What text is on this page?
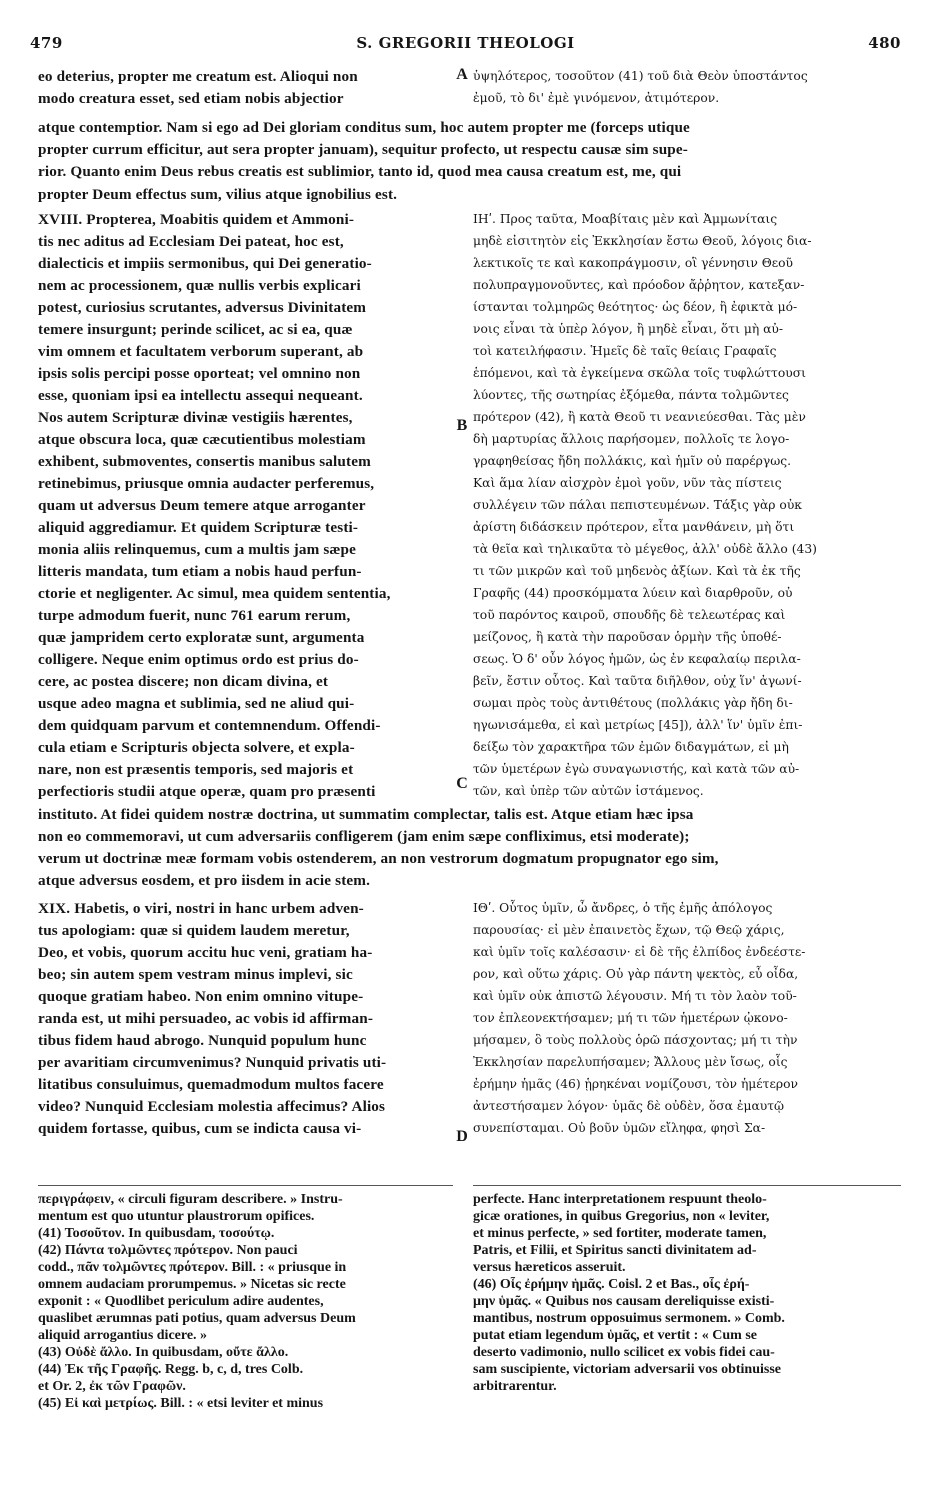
479	S. GREGORII THEOLOGI	480
A
B
C
D
eo deterius, propter me creatum est. Alioqui non
modo creatura esset, sed etiam nobis abjectior
atque contemptior. Nam si ego ad Dei gloriam conditus sum, hoc autem propter me (forceps utique
propter currum efficitur, aut sera propter januam), sequitur profecto, ut respectu causæ sim supe-
rior. Quanto enim Deus rebus creatis est sublimior, tanto id, quod mea causa creatum est, me, qui
propter Deum effectus sum, vilius atque ignobilius est.
XVIII. Propterea, Moabitis quidem et Ammoni-
tis nec aditus ad Ecclesiam Dei pateat, hoc est,
dialecticis et impiis sermonibus, qui Dei generatio-
nem ac processionem, quæ nullis verbis explicari
potest, curiosius scrutantes, adversus Divinitatem
temere insurgunt; perinde scilicet, ac si ea, quæ
vim omnem et facultatem verborum superant, ab
ipsis solis percipi posse oporteat; vel omnino non
esse, quoniam ipsi ea intellectu assequi nequeant.
Nos autem Scripturæ divinæ vestigiis hærentes,
atque obscura loca, quæ cæcutientibus molestiam
exhibent, submoventes, consertis manibus salutem
retinebimus, priusque omnia audacter perferemus,
quam ut adversus Deum temere atque arroganter
aliquid aggrediamur. Et quidem Scripturæ testi-
monia aliis relinquemus, cum a multis jam sæpe
litteris mandata, tum etiam a nobis haud perfun-
ctorie et negligenter. Ac simul, mea quidem sententia,
turpe admodum fuerit, nunc 761 earum rerum,
quæ jampridem certo exploratæ sunt, argumenta
colligere. Neque enim optimus ordo est prius do-
cere, ac postea discere; non dicam divina, et
usque adeo magna et sublimia, sed ne aliud qui-
dem quidquam parvum et contemnendum. Offendi-
cula etiam e Scripturis objecta solvere, et expla-
nare, non est præsentis temporis, sed majoris et
perfectioris studii atque operæ, quam pro præsenti
instituto. At fidei quidem nostræ doctrina, ut summatim complectar, talis est. Atque etiam hæc ipsa
non eo commemoravi, ut cum adversariis confligerem (jam enim sæpe confliximus, etsi moderate);
verum ut doctrinæ meæ formam vobis ostenderem, an non vestrorum dogmatum propugnator ego sim,
atque adversus eosdem, et pro iisdem in acie stem.
XIX. Habetis, o viri, nostri in hanc urbem adven-
tus apologiam: quæ si quidem laudem meretur,
Deo, et vobis, quorum accitu huc veni, gratiam ha-
beo; sin autem spem vestram minus implevi, sic
quoque gratiam habeo. Non enim omnino vitupe-
randa est, ut mihi persuadeo, ac vobis id affirman-
tibus fidem haud abrogo. Nunquid populum hunc
per avaritiam circumvenimus? Nunquid privatis uti-
litatibus consuluimus, quemadmodum multos facere
video? Nunquid Ecclesiam molestia affecimus? Alios
quidem fortasse, quibus, cum se indicta causa vi-
ὑψηλότερος, τοσοῦτον (41) τοῦ διὰ Θεὸν ὑποστάντος
ἐμοῦ, τὸ δι' ἐμὲ γινόμενον, ἀτιμότερον.
ΙΗʹ. Προς ταῦτα, Μοαβίταις μὲν καὶ Ἀμμωνίταις
μηδὲ εἰσιτητὸν εἰς Ἐκκλησίαν ἔστω Θεοῦ, λόγοις δια-
λεκτικοῖς τε καὶ κακοπράγμοσιν, οἳ γέννησιν Θεοῦ
πολυπραγμονοῦντες, καὶ πρόοδον ἄῤῥητον, κατεξαν-
ίστανται τολμηρῶς θεότητος· ὡς δέον, ἢ ἐφικτὰ μό-
νοις εἶναι τὰ ὑπὲρ λόγον, ἢ μηδὲ εἶναι, ὅτι μὴ αὐ-
τοὶ κατειλήφασιν. Ἡμεῖς δὲ ταῖς θείαις Γραφαῖς
ἑπόμενοι, καὶ τὰ ἐγκείμενα σκῶλα τοῖς τυφλώττουσι
λύοντες, τῆς σωτηρίας ἐξόμεθα, πάντα τολμῶντες
πρότερον (42), ἢ κατὰ Θεοῦ τι νεανιεύεσθαι. Τὰς μὲν
δὴ μαρτυρίας ἄλλοις παρήσομεν, πολλοῖς τε λογο-
γραφηθείσας ἤδη πολλάκις, καὶ ἡμῖν οὐ παρέργως.
Καὶ ἅμα λίαν αἰσχρὸν ἐμοὶ γοῦν, νῦν τὰς πίστεις
συλλέγειν τῶν πάλαι πεπιστευμένων. Τάξις γὰρ οὐκ
ἀρίστη διδάσκειν πρότερον, εἶτα μανθάνειν, μὴ ὅτι
τὰ θεῖα καὶ τηλικαῦτα τὸ μέγεθος, ἀλλ' οὐδὲ ἄλλο (43)
τι τῶν μικρῶν καὶ τοῦ μηδενὸς ἀξίων. Καὶ τὰ ἐκ τῆς
Γραφῆς (44) προσκόμματα λύειν καὶ διαρθροῦν, οὐ
τοῦ παρόντος καιροῦ, σπουδῆς δὲ τελεωτέρας καὶ
μείζονος, ἢ κατὰ τὴν παροῦσαν ὁρμὴν τῆς ὑποθέ-
σεως. Ὁ δ' οὖν λόγος ἡμῶν, ὡς ἐν κεφαλαίῳ περιλα-
βεῖν, ἔστιν οὗτος. Καὶ ταῦτα διῆλθον, οὐχ ἵν' ἀγωνί-
σωμαι πρὸς τοὺς ἀντιθέτους (πολλάκις γὰρ ἤδη δι-
ηγωνισάμεθα, εἰ καὶ μετρίως [45]), ἀλλ' ἵν' ὑμῖν ἐπι-
δείξω τὸν χαρακτῆρα τῶν ἐμῶν διδαγμάτων, εἰ μὴ
τῶν ὑμετέρων ἐγὼ συναγωνιστής, καὶ κατὰ τῶν αὐ-
τῶν, καὶ ὑπὲρ τῶν αὐτῶν ἱστάμενος.
ΙΘʹ. Οὗτος ὑμῖν, ὦ ἄνδρες, ὁ τῆς ἐμῆς ἀπόλογος
παρουσίας· εἰ μὲν ἐπαινετὸς ἔχων, τῷ Θεῷ χάρις,
καὶ ὑμῖν τοῖς καλέσασιν· εἰ δὲ τῆς ἐλπίδος ἐνδεέστε-
ρον, καὶ οὕτω χάρις. Οὐ γὰρ πάντη ψεκτὸς, εὖ οἶδα,
καὶ ὑμῖν οὐκ ἀπιστῶ λέγουσιν. Μή τι τὸν λαὸν τοῦ-
τον ἐπλεονεκτήσαμεν; μή τι τῶν ἡμετέρων ᾠκονο-
μήσαμεν, ὃ τοὺς πολλοὺς ὁρῶ πάσχοντας; μή τι τὴν
Ἐκκλησίαν παρελυπήσαμεν; Ἄλλους μὲν ἴσως, οἷς
ἐρήμην ἡμᾶς (46) ᾑρηκέναι νομίζουσι, τὸν ἡμέτερον
ἀντεστήσαμεν λόγον· ὑμᾶς δὲ οὐδὲν, ὅσα ἐμαυτῷ
συνεπίσταμαι. Οὐ βοῦν ὑμῶν εἴληφα, φησὶ Σα-
περιγράφειν, « circuli figuram describere. » Instru-
mentum est quo utuntur plaustrorum opifices.
(41) Τοσοῦτον. In quibusdam, τοσούτῳ.
(42) Πάντα τολμῶντες πρότερον. Non pauci
codd., πᾶν τολμῶντες πρότερον. Bill. : « priusque in
omnem audaciam prorumpemus. » Nicetas sic recte
exponit : « Quodlibet periculum adire audentes,
quaslibet ærumnas pati potius, quam adversus Deum
aliquid arrogantius dicere. »
(43) Οὐδὲ ἄλλο. In quibusdam, οὔτε ἄλλο.
(44) Ἐκ τῆς Γραφῆς. Regg. b, c, d, tres Colb.
et Or. 2, ἐκ τῶν Γραφῶν.
(45) Εἰ καὶ μετρίως. Bill. : « etsi leviter et minus
perfecte. Hanc interpretationem respuunt theolo-
gicæ orationes, in quibus Gregorius, non « leviter,
et minus perfecte, » sed fortiter, moderate tamen,
Patris, et Filii, et Spiritus sancti divinitatem ad-
versus hæreticos asseruit.
(46) Οἷς ἐρήμην ἡμᾶς. Coisl. 2 et Bas., οἷς ἐρή-
μην ὑμᾶς. « Quibus nos causam dereliquisse existi-
mantibus, nostrum opposuimus sermonem. » Comb.
putat etiam legendum ὑμᾶς, et vertit : « Cum se
deserto vadimonio, nullo scilicet ex vobis fidei cau-
sam suscipiente, victoriam adversarii vos obtinuisse
arbitrarentur.
